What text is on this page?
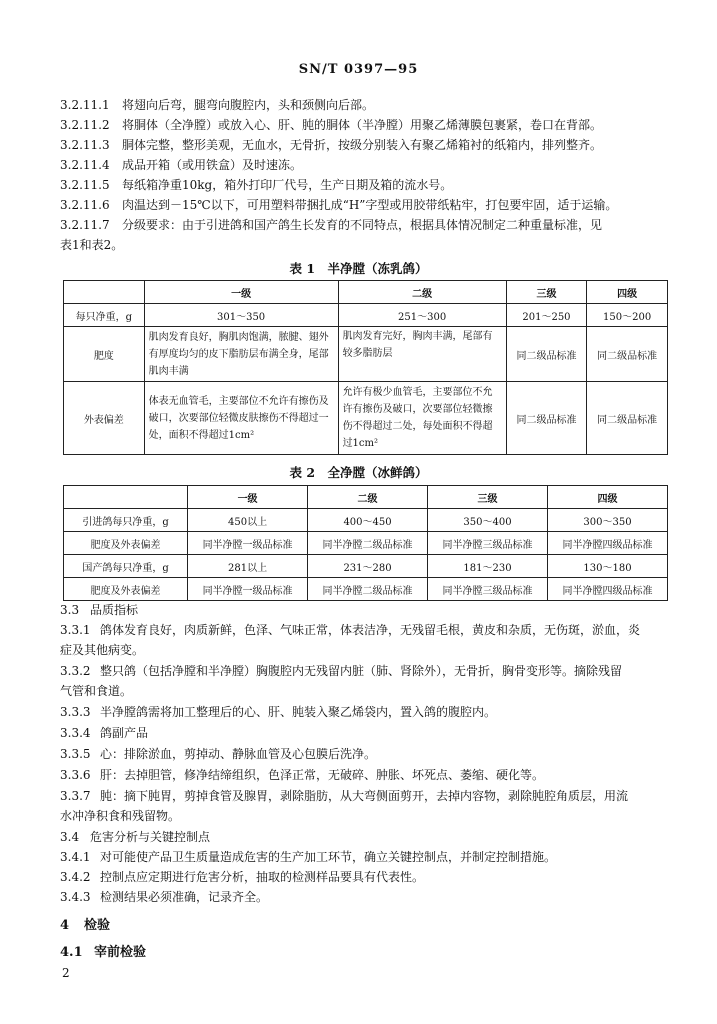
SN/T 0397—95
3.2.11.1 将翅向后弯，腿弯向腹腔内，头和颈侧向后部。
3.2.11.2 将胴体（全净膛）或放入心、肝、肫的胴体（半净膛）用聚乙烯薄膜包裹紧，卷口在背部。
3.2.11.3 胴体完整，整形美观，无血水，无骨折，按级分别装入有聚乙烯箱衬的纸箱内，排列整齐。
3.2.11.4 成品开箱（或用铁盒）及时速冻。
3.2.11.5 每纸箱净重10kg，箱外打印厂代号，生产日期及箱的流水号。
3.2.11.6 肉温达到－15℃以下，可用塑料带捆扎成“H”字型或用胶带纸粘牢，打包要牢固，适于运输。
3.2.11.7 分级要求：由于引进鸽和国产鸽生长发育的不同特点，根据具体情况制定二种重量标准，见
表1和表2。
表 1　半净膛（冻乳鸽）
	一级	二级	三级	四级
每只净重，g	301～350	251～300	201～250	150～200
肥度	肌肉发育良好，胸肌肉饱满，脓腱、翅外有厚度均匀的皮下脂肪层布满全身，尾部肌肉丰满	肌肉发育完好，胸肉丰满，尾部有较多脂肪层	同二级品标准	同二级品标准
外表偏差	体表无血管毛，主要部位不允许有擦伤及破口，次要部位轻微皮肤擦伤不得超过一处，面积不得超过1cm²	允许有极少血管毛，主要部位不允许有擦伤及破口，次要部位轻微擦伤不得超过二处，每处面积不得超过1cm²	同二级品标准	同二级品标准
表 2　全净膛（冰鲜鸽）
	一级	二级	三级	四级
引进鸽每只净重，g	450以上	400～450	350～400	300～350
肥度及外表偏差	同半净膛一级品标准	同半净膛二级品标准	同半净膛三级品标准	同半净膛四级品标准
国产鸽每只净重，g	281以上	231～280	181～230	130～180
肥度及外表偏差	同半净膛一级品标准	同半净膛二级品标准	同半净膛三级品标准	同半净膛四级品标准
3.3 品质指标
3.3.1 鸽体发育良好，肉质新鲜，色泽、气味正常，体表洁净，无残留毛根，黄皮和杂质，无伤斑，淤血，炎
症及其他病变。
3.3.2 整只鸽（包括净膛和半净膛）胸腹腔内无残留内脏（肺、肾除外），无骨折，胸骨变形等。摘除残留
气管和食道。
3.3.3 半净膛鸽需将加工整理后的心、肝、肫装入聚乙烯袋内，置入鸽的腹腔内。
3.3.4 鸽副产品
3.3.5 心：排除淤血，剪掉动、静脉血管及心包膜后洗净。
3.3.6 肝：去掉胆管，修净结缔组织，色泽正常，无破碎、肿胀、坏死点、萎缩、硬化等。
3.3.7 肫：摘下肫胃，剪掉食管及腺胃，剥除脂肪，从大弯侧面剪开，去掉内容物，剥除肫腔角质层，用流
水冲净积食和残留物。
3.4 危害分析与关键控制点
3.4.1 对可能使产品卫生质量造成危害的生产加工环节，确立关键控制点，并制定控制措施。
3.4.2 控制点应定期进行危害分析，抽取的检测样品要具有代表性。
3.4.3 检测结果必须准确，记录齐全。
4 检验
4.1 宰前检验
2
